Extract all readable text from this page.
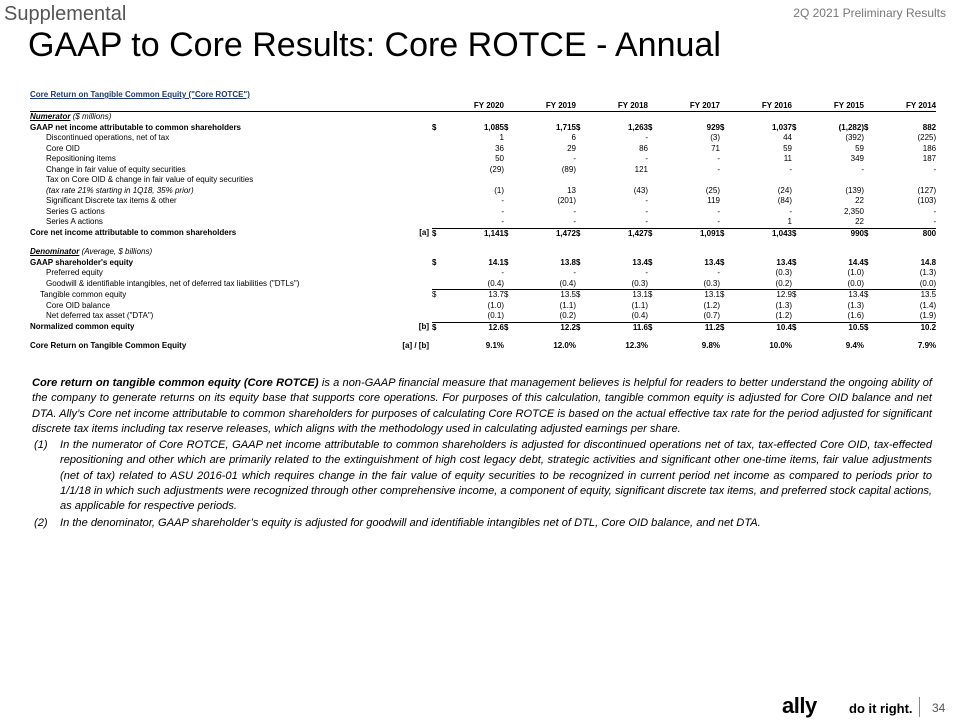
Supplemental	2Q 2021 Preliminary Results
GAAP to Core Results: Core ROTCE - Annual
Core Return on Tangible Common Equity ("Core ROTCE")															
		FY 2020		FY 2019		FY 2018		FY 2017		FY 2016		FY 2015		FY 2014	
Numerator ($ millions)															
GAAP net income attributable to common shareholders		$	1,085	$	1,715	$	1,263	$	929	$	1,037	$	(1,282)	$	882
Discontinued operations, net of tax			1		6		-		(3)		44		(392)		(225)
Core OID			36		29		86		71		59		59		186
Repositioning items			50		-		-		-		11		349		187
Change in fair value of equity securities			(29)		(89)		121		-		-		-		-
Tax on Core OID & change in fair value of equity securities															
(tax rate 21% starting in 1Q18, 35% prior)			(1)		13		(43)		(25)		(24)		(139)		(127)
Significant Discrete tax items & other			-		(201)		-		119		(84)		22		(103)
Series G actions			-		-		-		-		-		2,350		-
Series A actions			-		-		-		-		1		22		-
Core net income attributable to common shareholders	[a]	$	1,141	$	1,472	$	1,427	$	1,091	$	1,043	$	990	$	800

Denominator (Average, $ billions)															
GAAP shareholder's equity		$	14.1	$	13.8	$	13.4	$	13.4	$	13.4	$	14.4	$	14.8
Preferred equity			-		-		-		-		(0.3)		(1.0)		(1.3)
Goodwill & identifiable intangibles, net of deferred tax liabilities ("DTLs")			(0.4)		(0.4)		(0.3)		(0.3)		(0.2)		(0.0)		(0.0)
Tangible common equity		$	13.7	$	13.5	$	13.1	$	13.1	$	12.9	$	13.4	$	13.5
Core OID balance			(1.0)		(1.1)		(1.1)		(1.2)		(1.3)		(1.3)		(1.4)
Net deferred tax asset ("DTA")			(0.1)		(0.2)		(0.4)		(0.7)		(1.2)		(1.6)		(1.9)
Normalized common equity	[b]	$	12.6	$	12.2	$	11.6	$	11.2	$	10.4	$	10.5	$	10.2

Core Return on Tangible Common Equity	[a] / [b]		9.1%		12.0%		12.3%		9.8%		10.0%		9.4%		7.9%

Core return on tangible common equity (Core ROTCE) is a non-GAAP financial measure that management believes is helpful for readers to better understand the ongoing ability of the company to generate returns on its equity base that supports core operations. For purposes of this calculation, tangible common equity is adjusted for Core OID balance and net DTA. Ally’s Core net income attributable to common shareholders for purposes of calculating Core ROTCE is based on the actual effective tax rate for the period adjusted for significant discrete tax items including tax reserve releases, which aligns with the methodology used in calculating adjusted earnings per share.

(1)	In the numerator of Core ROTCE, GAAP net income attributable to common shareholders is adjusted for discontinued operations net of tax, tax-effected Core OID, tax-effected repositioning and other which are primarily related to the extinguishment of high cost legacy debt, strategic activities and significant other one-time items, fair value adjustments (net of tax) related to ASU 2016-01 which requires change in the fair value of equity securities to be recognized in current period net income as compared to periods prior to 1/1/18 in which such adjustments were recognized through other comprehensive income, a component of equity, significant discrete tax items, and preferred stock capital actions, as applicable for respective periods.

(2)	In the denominator, GAAP shareholder’s equity is adjusted for goodwill and identifiable intangibles net of DTL, Core OID balance, and net DTA.

ally do it right. 34
